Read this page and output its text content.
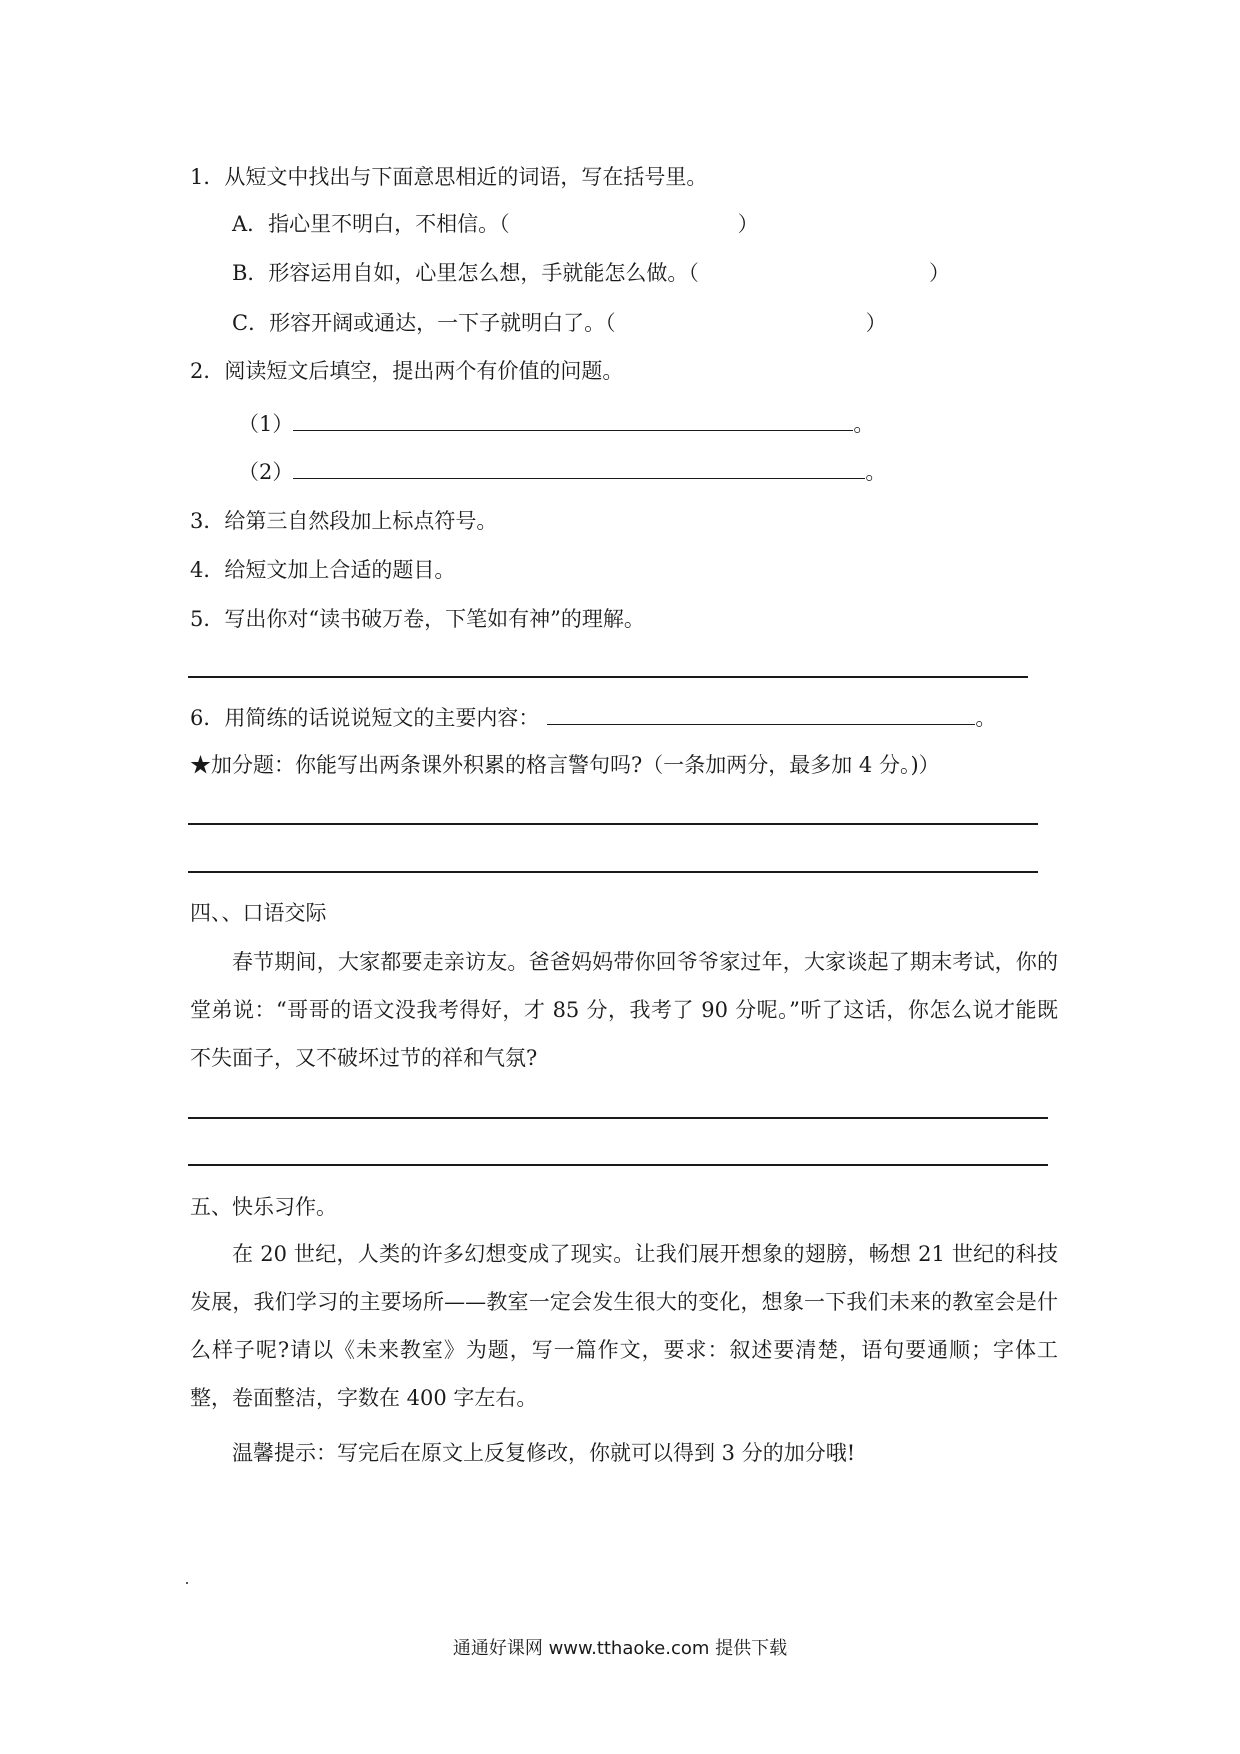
1．从短文中找出与下面意思相近的词语，写在括号里。
A．指心里不明白，不相信。（	）
B．形容运用自如，心里怎么想，手就能怎么做。（	）
C．形容开阔或通达，一下子就明白了。（	）
2．阅读短文后填空，提出两个有价值的问题。
（1）	。
（2）	。
3．给第三自然段加上标点符号。
4．给短文加上合适的题目。
5．写出你对“读书破万卷，下笔如有神”的理解。
6．用简练的话说说短文的主要内容：	。
★加分题：你能写出两条课外积累的格言警句吗?（一条加两分，最多加 4 分。)）
四、、口语交际
春节期间，大家都要走亲访友。爸爸妈妈带你回爷爷家过年，大家谈起了期末考试，你的堂弟说：“哥哥的语文没我考得好，才 85 分，我考了 90 分呢。”听了这话，你怎么说才能既不失面子，又不破坏过节的祥和气氛?
五、快乐习作。
在 20 世纪，人类的许多幻想变成了现实。让我们展开想象的翅膀，畅想 21 世纪的科技发展，我们学习的主要场所——教室一定会发生很大的变化，想象一下我们未来的教室会是什么样子呢?请以《未来教室》为题，写一篇作文，要求：叙述要清楚，语句要通顺；字体工整，卷面整洁，字数在 400 字左右。
温馨提示：写完后在原文上反复修改，你就可以得到 3 分的加分哦!
通通好课网 www.tthaoke.com 提供下载
